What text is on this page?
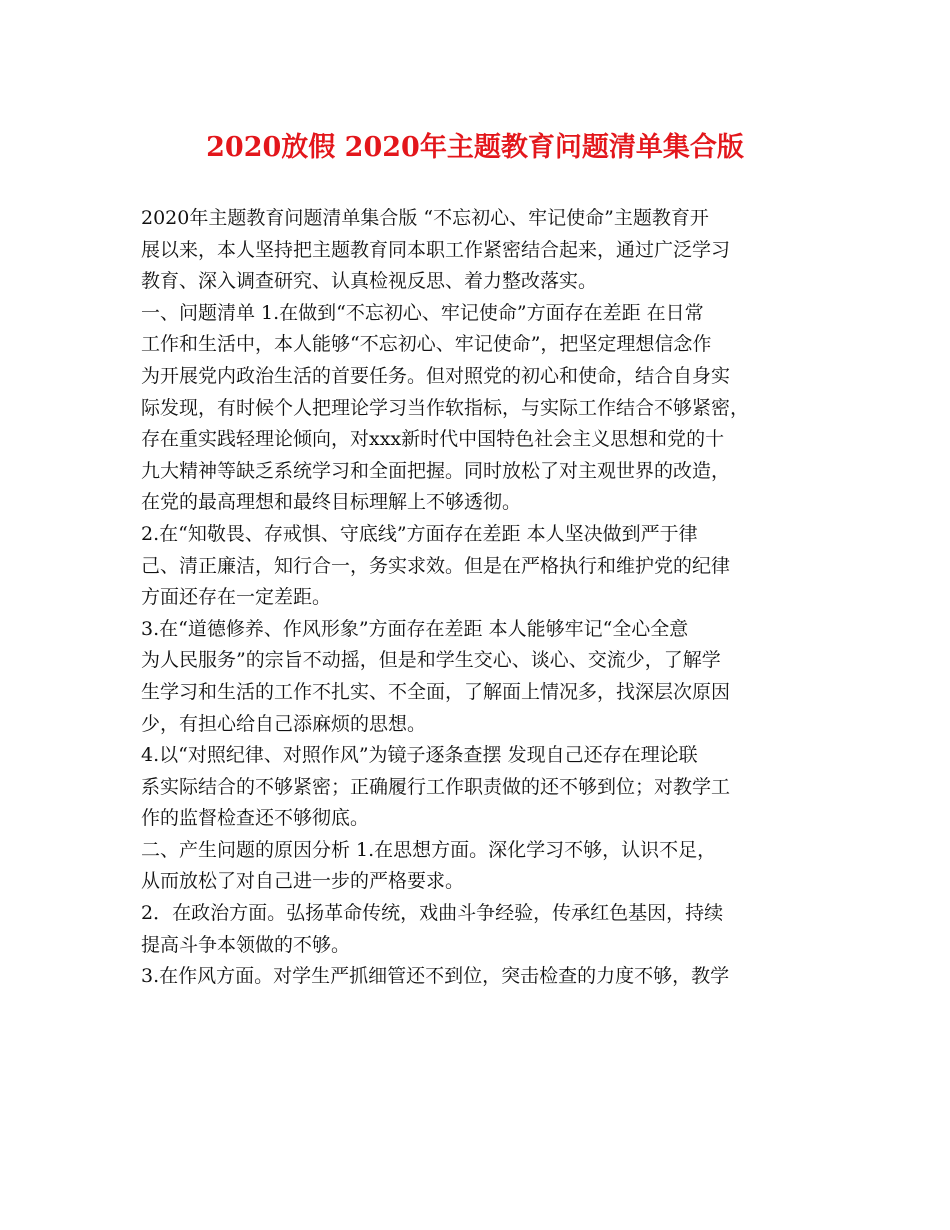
2020放假 2020年主题教育问题清单集合版
2020年主题教育问题清单集合版 “不忘初心、牢记使命”主题教育开
展以来，本人坚持把主题教育同本职工作紧密结合起来，通过广泛学习
教育、深入调查研究、认真检视反思、着力整改落实。
一、问题清单 1.在做到“不忘初心、牢记使命”方面存在差距 在日常
工作和生活中，本人能够“不忘初心、牢记使命”，把坚定理想信念作
为开展党内政治生活的首要任务。但对照党的初心和使命，结合自身实
际发现，有时候个人把理论学习当作软指标，与实际工作结合不够紧密，
存在重实践轻理论倾向，对xxx新时代中国特色社会主义思想和党的十
九大精神等缺乏系统学习和全面把握。同时放松了对主观世界的改造，
在党的最高理想和最终目标理解上不够透彻。
2.在“知敬畏、存戒惧、守底线”方面存在差距 本人坚决做到严于律
己、清正廉洁，知行合一，务实求效。但是在严格执行和维护党的纪律
方面还存在一定差距。
3.在“道德修养、作风形象”方面存在差距 本人能够牢记“全心全意
为人民服务”的宗旨不动摇，但是和学生交心、谈心、交流少，了解学
生学习和生活的工作不扎实、不全面，了解面上情况多，找深层次原因
少，有担心给自己添麻烦的思想。
4.以“对照纪律、对照作风”为镜子逐条查摆 发现自己还存在理论联
系实际结合的不够紧密；正确履行工作职责做的还不够到位；对教学工
作的监督检查还不够彻底。
二、产生问题的原因分析 1.在思想方面。深化学习不够，认识不足，
从而放松了对自己进一步的严格要求。
2．在政治方面。弘扬革命传统，戏曲斗争经验，传承红色基因，持续
提高斗争本领做的不够。
3.在作风方面。对学生严抓细管还不到位，突击检查的力度不够，教学
